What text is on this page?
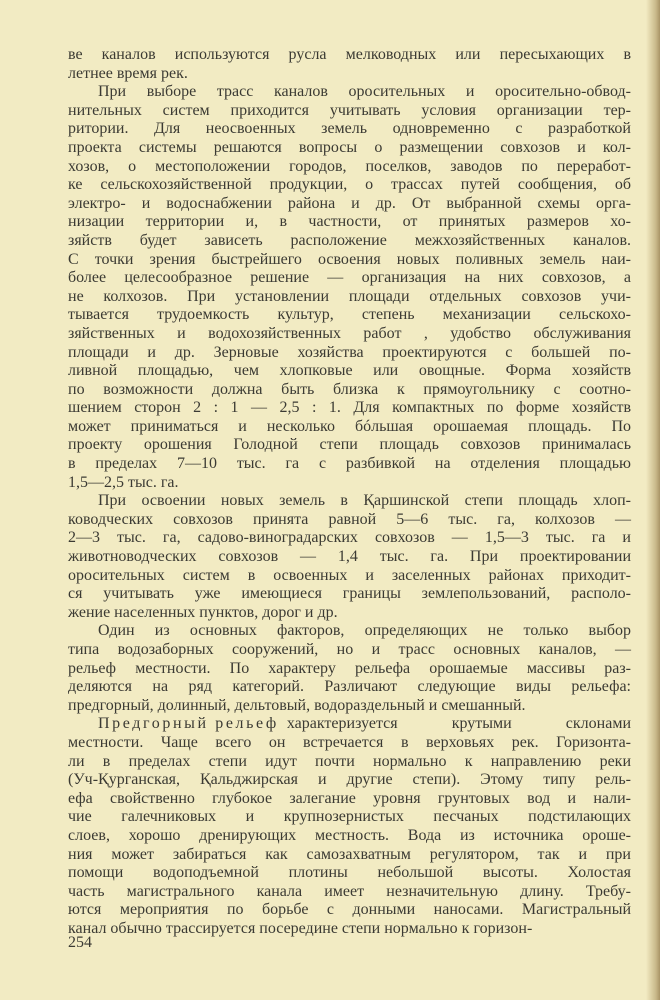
ве каналов используются русла мелководных или пересыхающих в
летнее время рек.
При выборе трасс каналов оросительных и оросительно-обвод-
нительных систем приходится учитывать условия организации тер-
ритории. Для неосвоенных земель одновременно с разработкой
проекта системы решаются вопросы о размещении совхозов и кол-
хозов, о местоположении городов, поселков, заводов по переработ-
ке сельскохозяйственной продукции, о трассах путей сообщения, об
электро- и водоснабжении района и др. От выбранной схемы орга-
низации территории и, в частности, от принятых размеров хо-
зяйств будет зависеть расположение межхозяйственных каналов.
С точки зрения быстрейшего освоения новых поливных земель наи-
более целесообразное решение — организация на них совхозов, а
не колхозов. При установлении площади отдельных совхозов учи-
тывается трудоемкость культур, степень механизации сельскохо-
зяйственных и водохозяйственных работ , удобство обслуживания
площади и др. Зерновые хозяйства проектируются с большей по-
ливной площадью, чем хлопковые или овощные. Форма хозяйств
по возможности должна быть близка к прямоугольнику с соотно-
шением сторон 2 : 1 — 2,5 : 1. Для компактных по форме хозяйств
может приниматься и несколько бóльшая орошаемая площадь. По
проекту орошения Голодной степи площадь совхозов принималась
в пределах 7—10 тыс. га с разбивкой на отделения площадью
1,5—2,5 тыс. га.
При освоении новых земель в Қаршинской степи площадь хлоп-
ководческих совхозов принята равной 5—6 тыс. га, колхозов —
2—3 тыс. га, садово-виноградарских совхозов — 1,5—3 тыс. га и
животноводческих совхозов — 1,4 тыс. га. При проектировании
оросительных систем в освоенных и заселенных районах приходит-
ся учитывать уже имеющиеся границы землепользований, располо-
жение населенных пунктов, дорог и др.
Один из основных факторов, определяющих не только выбор
типа водозаборных сооружений, но и трасс основных каналов, —
рельеф местности. По характеру рельефа орошаемые массивы раз-
деляются на ряд категорий. Различают следующие виды рельефа:
предгорный, долинный, дельтовый, водораздельный и смешанный.
Предгорный рельеф характеризуется крутыми склонами
местности. Чаще всего он встречается в верховьях рек. Горизонта-
ли в пределах степи идут почти нормально к направлению реки
(Уч-Қурганская, Қальджирская и другие степи). Этому типу рель-
ефа свойственно глубокое залегание уровня грунтовых вод и нали-
чие галечниковых и крупнозернистых песчаных подстилающих
слоев, хорошо дренирующих местность. Вода из источника ороше-
ния может забираться как самозахватным регулятором, так и при
помощи водоподъемной плотины небольшой высоты. Холостая
часть магистрального канала имеет незначительную длину. Требу-
ются мероприятия по борьбе с донными наносами. Магистральный
канал обычно трассируется посередине степи нормально к горизон-
254
